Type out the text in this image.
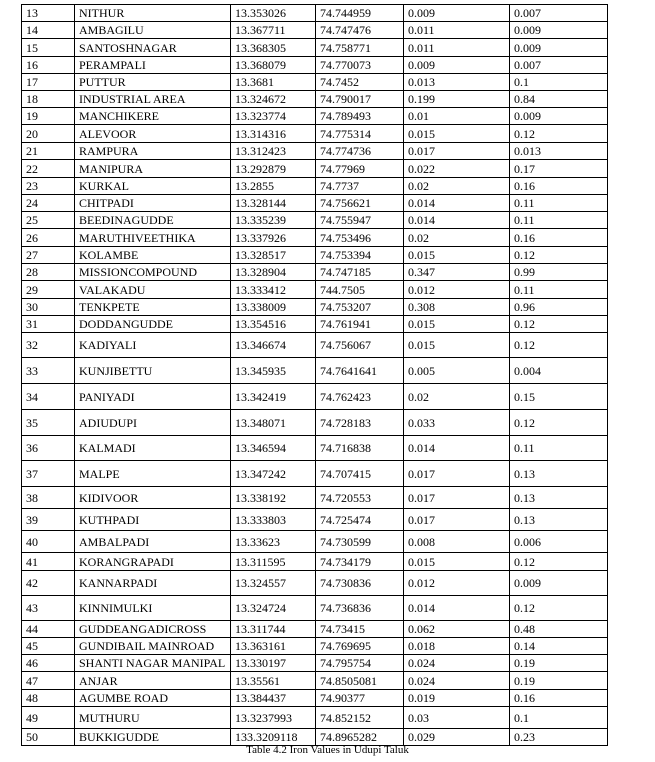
13	NITHUR	13.353026	74.744959	0.009	0.007
14	AMBAGILU	13.367711	74.747476	0.011	0.009
15	SANTOSHNAGAR	13.368305	74.758771	0.011	0.009
16	PERAMPALI	13.368079	74.770073	0.009	0.007
17	PUTTUR	13.3681	74.7452	0.013	0.1
18	INDUSTRIAL AREA	13.324672	74.790017	0.199	0.84
19	MANCHIKERE	13.323774	74.789493	0.01	0.009
20	ALEVOOR	13.314316	74.775314	0.015	0.12
21	RAMPURA	13.312423	74.774736	0.017	0.013
22	MANIPURA	13.292879	74.77969	0.022	0.17
23	KURKAL	13.2855	74.7737	0.02	0.16
24	CHITPADI	13.328144	74.756621	0.014	0.11
25	BEEDINAGUDDE	13.335239	74.755947	0.014	0.11
26	MARUTHIVEETHIKA	13.337926	74.753496	0.02	0.16
27	KOLAMBE	13.328517	74.753394	0.015	0.12
28	MISSIONCOMPOUND	13.328904	74.747185	0.347	0.99
29	VALAKADU	13.333412	744.7505	0.012	0.11
30	TENKPETE	13.338009	74.753207	0.308	0.96
31	DODDANGUDDE	13.354516	74.761941	0.015	0.12
32	KADIYALI	13.346674	74.756067	0.015	0.12
33	KUNJIBETTU	13.345935	74.7641641	0.005	0.004
34	PANIYADI	13.342419	74.762423	0.02	0.15
35	ADIUDUPI	13.348071	74.728183	0.033	0.12
36	KALMADI	13.346594	74.716838	0.014	0.11
37	MALPE	13.347242	74.707415	0.017	0.13
38	KIDIVOOR	13.338192	74.720553	0.017	0.13
39	KUTHPADI	13.333803	74.725474	0.017	0.13
40	AMBALPADI	13.33623	74.730599	0.008	0.006
41	KORANGRAPADI	13.311595	74.734179	0.015	0.12
42	KANNARPADI	13.324557	74.730836	0.012	0.009
43	KINNIMULKI	13.324724	74.736836	0.014	0.12
44	GUDDEANGADICROSS	13.311744	74.73415	0.062	0.48
45	GUNDIBAIL MAINROAD	13.363161	74.769695	0.018	0.14
46	SHANTI NAGAR MANIPAL	13.330197	74.795754	0.024	0.19
47	ANJAR	13.35561	74.8505081	0.024	0.19
48	AGUMBE ROAD	13.384437	74.90377	0.019	0.16
49	MUTHURU	13.3237993	74.852152	0.03	0.1
50	BUKKIGUDDE	133.3209118	74.8965282	0.029	0.23
Table 4.2 Iron Values in Udupi Taluk
